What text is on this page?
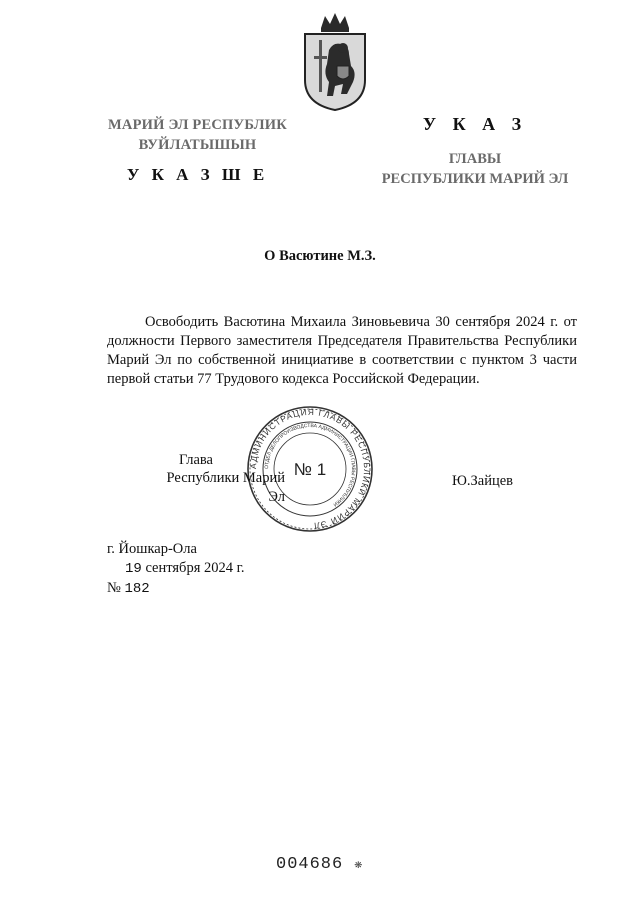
МАРИЙ ЭЛ РЕСПУБЛИК
ВУЙЛАТЫШЫН
У К А З Ш Е
У К А З
ГЛАВЫ
РЕСПУБЛИКИ МАРИЙ ЭЛ
О Васютине М.З.
Освободить Васютина Михаила Зиновьевича 30 сентября 2024 г. от должности Первого заместителя Председателя Правительства Республики Марий Эл по собственной инициативе в соответствии с пунктом 3 части первой статьи 77 Трудового кодекса Российской Федерации.
АДМИНИСТРАЦИЯ ГЛАВЫ РЕСПУБЛИКИ МАРИЙ ЭЛ
ОТДЕЛ ДЕЛОПРОИЗВОДСТВА АДМИНИСТРАЦИИ ГЛАВЫ РЕСПУБЛИКИ
№ 1
Глава
Республики Марий Эл
Ю.Зайцев
г. Йошкар-Ола
19 сентября 2024 г.
№ 182
004686 ❋
